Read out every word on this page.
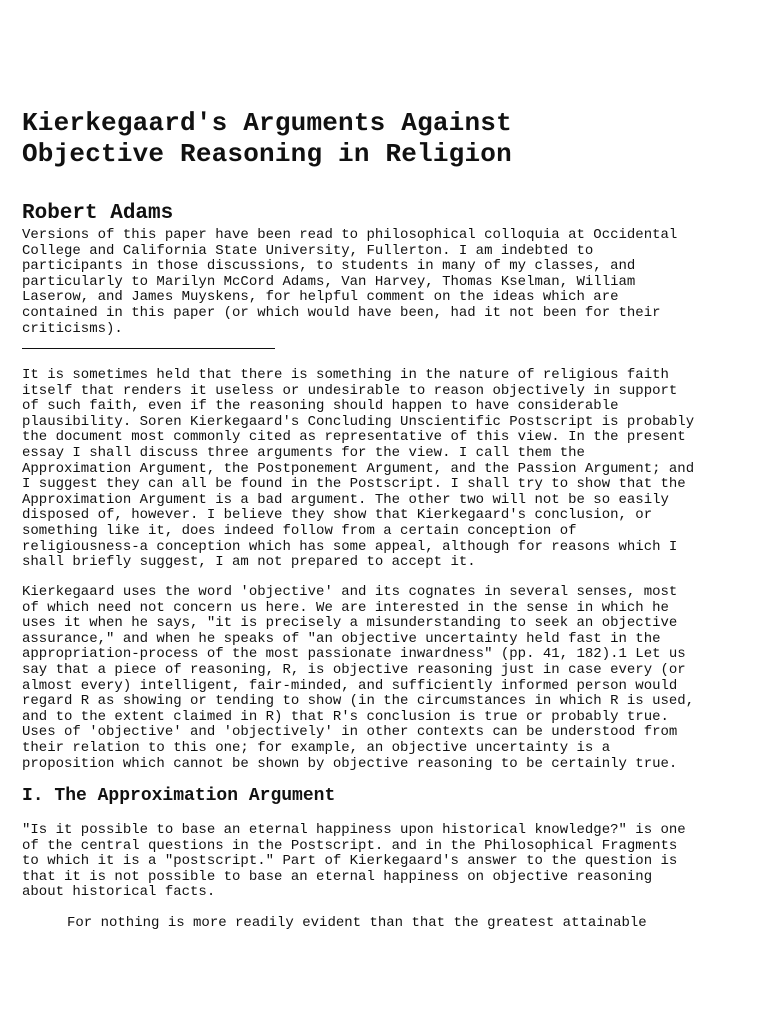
Kierkegaard's Arguments Against
Objective Reasoning in Religion
Robert Adams

Versions of this paper have been read to philosophical colloquia at Occidental
College and California State University, Fullerton. I am indebted to
participants in those discussions, to students in many of my classes, and
particularly to Marilyn McCord Adams, Van Harvey, Thomas Kselman, William
Laserow, and James Muyskens, for helpful comment on the ideas which are
contained in this paper (or which would have been, had it not been for their
criticisms).

It is sometimes held that there is something in the nature of religious faith
itself that renders it useless or undesirable to reason objectively in support
of such faith, even if the reasoning should happen to have considerable
plausibility. Soren Kierkegaard's Concluding Unscientific Postscript is probably
the document most commonly cited as representative of this view. In the present
essay I shall discuss three arguments for the view. I call them the
Approximation Argument, the Postponement Argument, and the Passion Argument; and
I suggest they can all be found in the Postscript. I shall try to show that the
Approximation Argument is a bad argument. The other two will not be so easily
disposed of, however. I believe they show that Kierkegaard's conclusion, or
something like it, does indeed follow from a certain conception of
religiousness-a conception which has some appeal, although for reasons which I
shall briefly suggest, I am not prepared to accept it.

Kierkegaard uses the word 'objective' and its cognates in several senses, most
of which need not concern us here. We are interested in the sense in which he
uses it when he says, "it is precisely a misunderstanding to seek an objective
assurance," and when he speaks of "an objective uncertainty held fast in the
appropriation-process of the most passionate inwardness" (pp. 41, 182).1 Let us
say that a piece of reasoning, R, is objective reasoning just in case every (or
almost every) intelligent, fair-minded, and sufficiently informed person would
regard R as showing or tending to show (in the circumstances in which R is used,
and to the extent claimed in R) that R's conclusion is true or probably true.
Uses of 'objective' and 'objectively' in other contexts can be understood from
their relation to this one; for example, an objective uncertainty is a
proposition which cannot be shown by objective reasoning to be certainly true.

I. The Approximation Argument

"Is it possible to base an eternal happiness upon historical knowledge?" is one
of the central questions in the Postscript. and in the Philosophical Fragments
to which it is a "postscript." Part of Kierkegaard's answer to the question is
that it is not possible to base an eternal happiness on objective reasoning
about historical facts.

For nothing is more readily evident than that the greatest attainable
